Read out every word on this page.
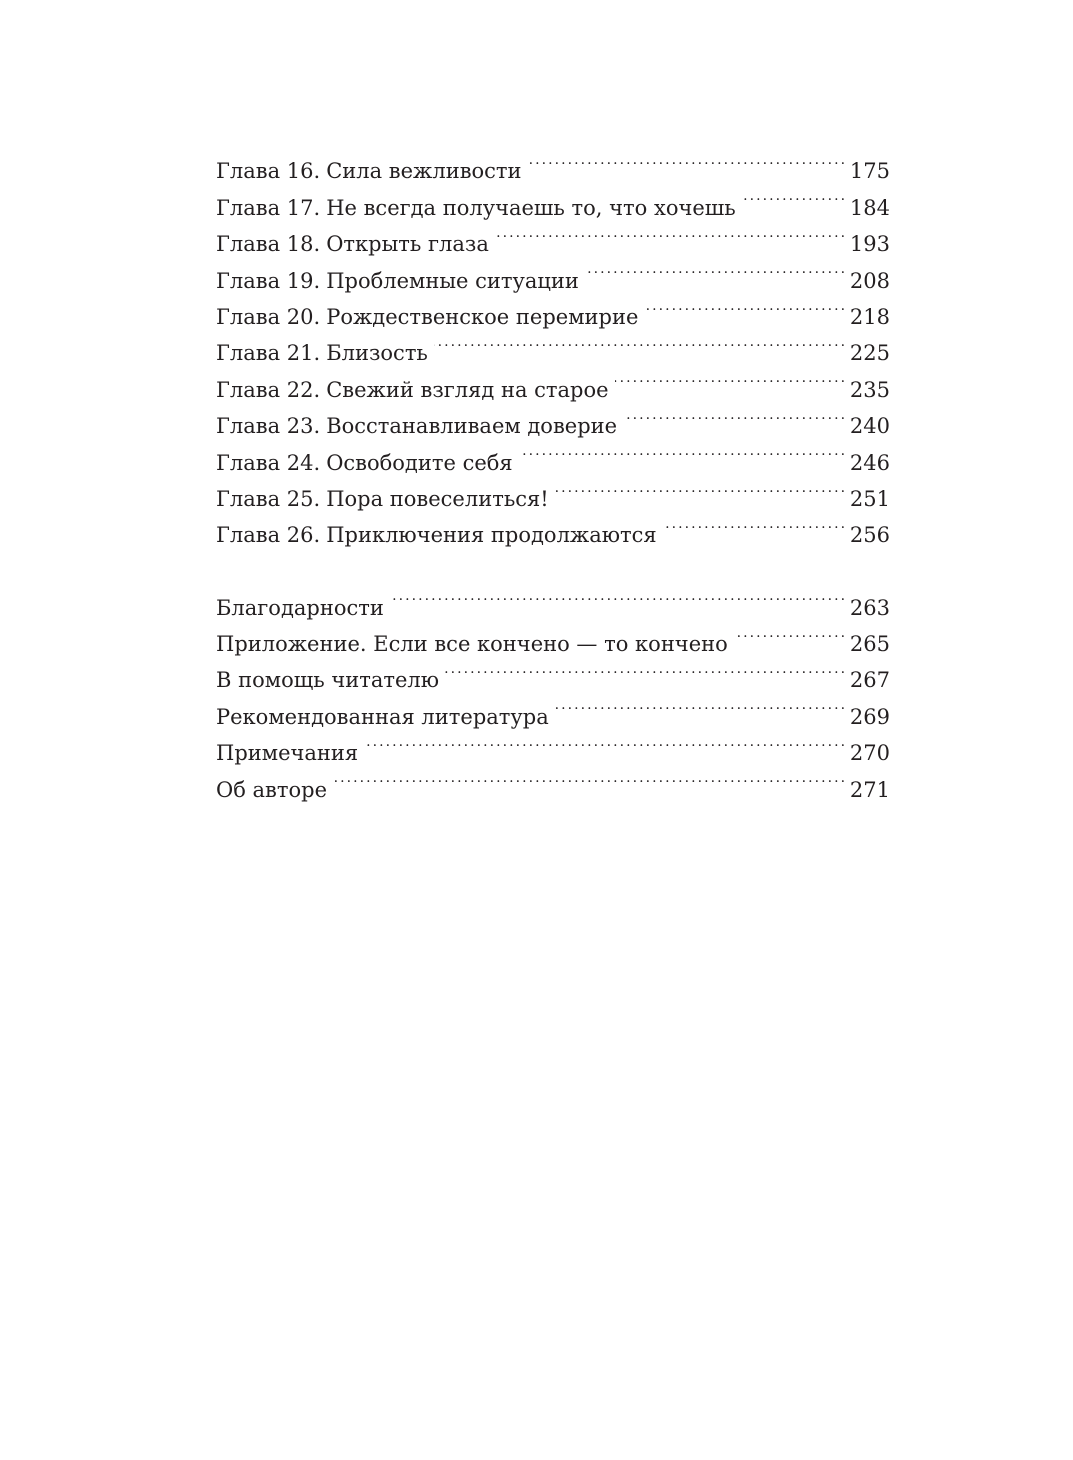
Глава 16. Сила вежливости . . .	175
Глава 17. Не всегда получаешь то, что хочешь . . .	184
Глава 18. Открыть глаза . . .	193
Глава 19. Проблемные ситуации . . .	208
Глава 20. Рождественское перемирие . . .	218
Глава 21. Близость . . .	225
Глава 22. Свежий взгляд на старое . . .	235
Глава 23. Восстанавливаем доверие . . .	240
Глава 24. Освободите себя . . .	246
Глава 25. Пора повеселиться! . . .	251
Глава 26. Приключения продолжаются . . .	256
Благодарности . . .	263
Приложение. Если все кончено — то кончено . . .	265
В помощь читателю . . .	267
Рекомендованная литература . . .	269
Примечания . . .	270
Об авторе . . .	271
